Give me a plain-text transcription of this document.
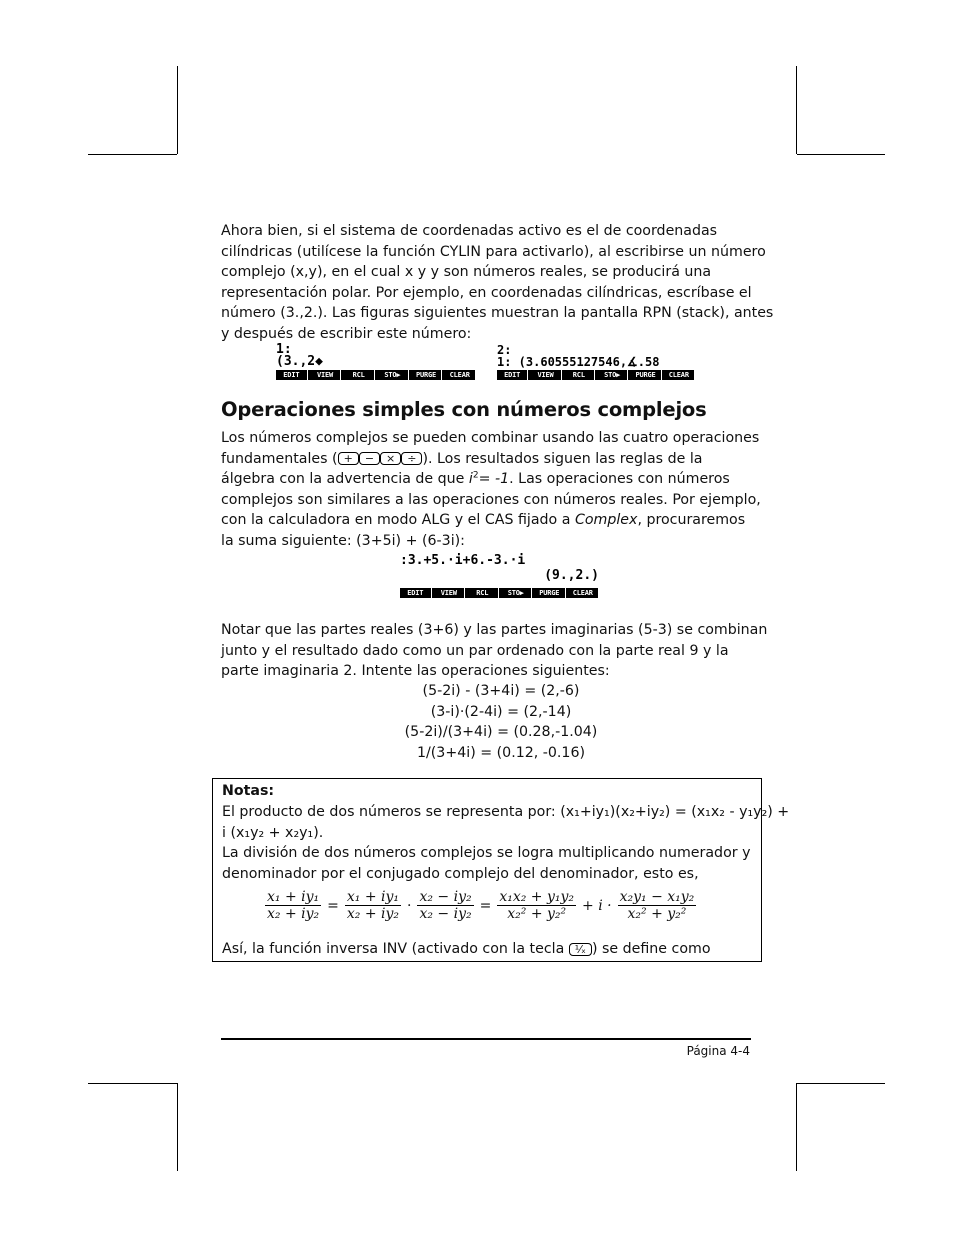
Ahora bien, si el sistema de coordenadas activo es el de coordenadas
cilíndricas (utilícese la función CYLIN para activarlo), al escribirse un número
complejo (x,y), en el cual x y y son números reales, se producirá una
representación polar. Por ejemplo, en coordenadas cilíndricas, escríbase el
número (3.,2.). Las figuras siguientes muestran la pantalla RPN (stack), antes
y después de escribir este número:
1:
(3.,2◆
EDIT	VIEW	RCL	STO▶	PURGE	CLEAR
2:
1: (3.60555127546,∡.58
EDIT	VIEW	RCL	STO▶	PURGE	CLEAR
Operaciones simples con números complejos
Los números complejos se pueden combinar usando las cuatro operaciones
fundamentales ( + − × ÷ ). Los resultados siguen las reglas de la
álgebra con la advertencia de que $i^2= -1$. Las operaciones con números
complejos son similares a las operaciones con números reales. Por ejemplo,
con la calculadora en modo ALG y el CAS fijado a Complex, procuraremos
la suma siguiente: (3+5i) + (6-3i):
:3.+5.·i+6.-3.·i
(9.,2.)
EDIT	VIEW	RCL	STO▶	PURGE	CLEAR
Notar que las partes reales (3+6) y las partes imaginarias (5-3) se combinan
junto y el resultado dado como un par ordenado con la parte real 9 y la
parte imaginaria 2. Intente las operaciones siguientes:
(5-2i) - (3+4i) = (2,-6)
(3-i)·(2-4i) = (2,-14)
(5-2i)/(3+4i) = (0.28,-1.04)
1/(3+4i) = (0.12, -0.16)
Notas:
El producto de dos números se representa por: (x₁+iy₁)(x₂+iy₂) = (x₁x₂ - y₁y₂) +
i (x₁y₂ + x₂y₁).
La división de dos números complejos se logra multiplicando numerador y
denominador por el conjugado complejo del denominador, esto es,
$\frac{\text{x₁ + iy₁}}{\text{x₂ + iy₂}} = \frac{\text{x₁ + iy₁}}{\text{x₂ + iy₂}} \cdot \frac{\text{x₂ − iy₂}}{\text{x₂ − iy₂}} = \frac{\text{x₁x₂ + y₁y₂}}{\text{x₂² + y₂²}} + i \cdot \frac{\text{x₂y₁ − x₁y₂}}{\text{x₂² + y₂²}}$
Así, la función inversa INV (activado con la tecla ¹⁄ₓ ) se define como
Página 4-4
